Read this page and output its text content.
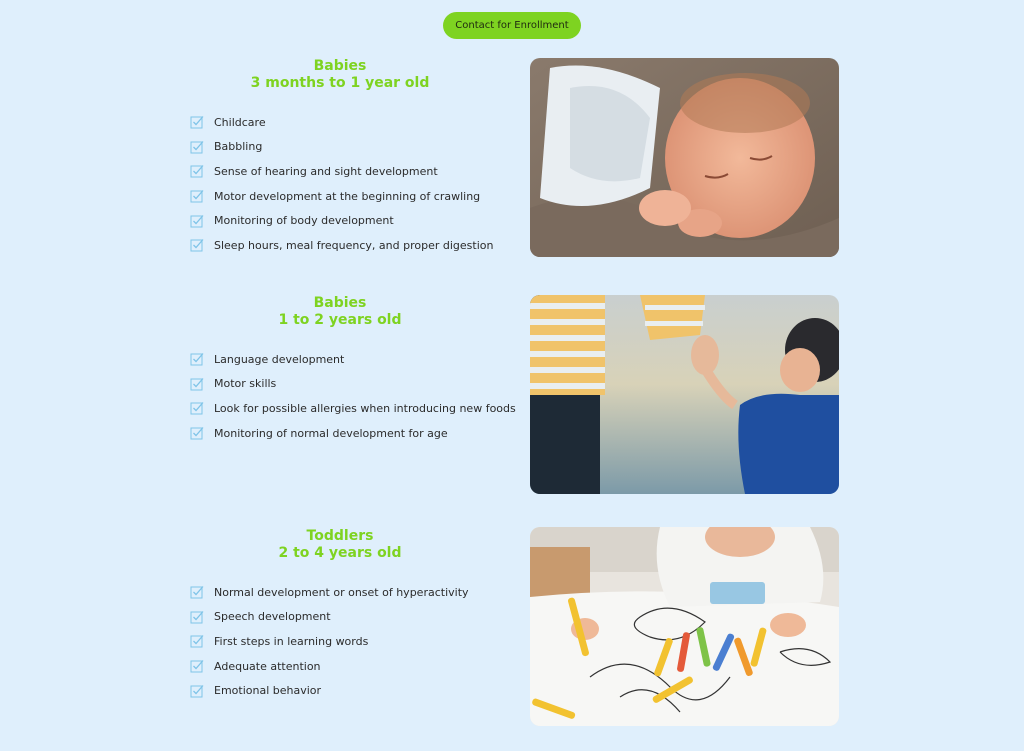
Contact for Enrollment
Babies
3 months to 1 year old
Childcare
Babbling
Sense of hearing and sight development
Motor development at the beginning of crawling
Monitoring of body development
Sleep hours, meal frequency, and proper digestion
Babies
1 to 2 years old
Language development
Motor skills
Look for possible allergies when introducing new foods
Monitoring of normal development for age
Toddlers
2 to 4 years old
Normal development or onset of hyperactivity
Speech development
First steps in learning words
Adequate attention
Emotional behavior
